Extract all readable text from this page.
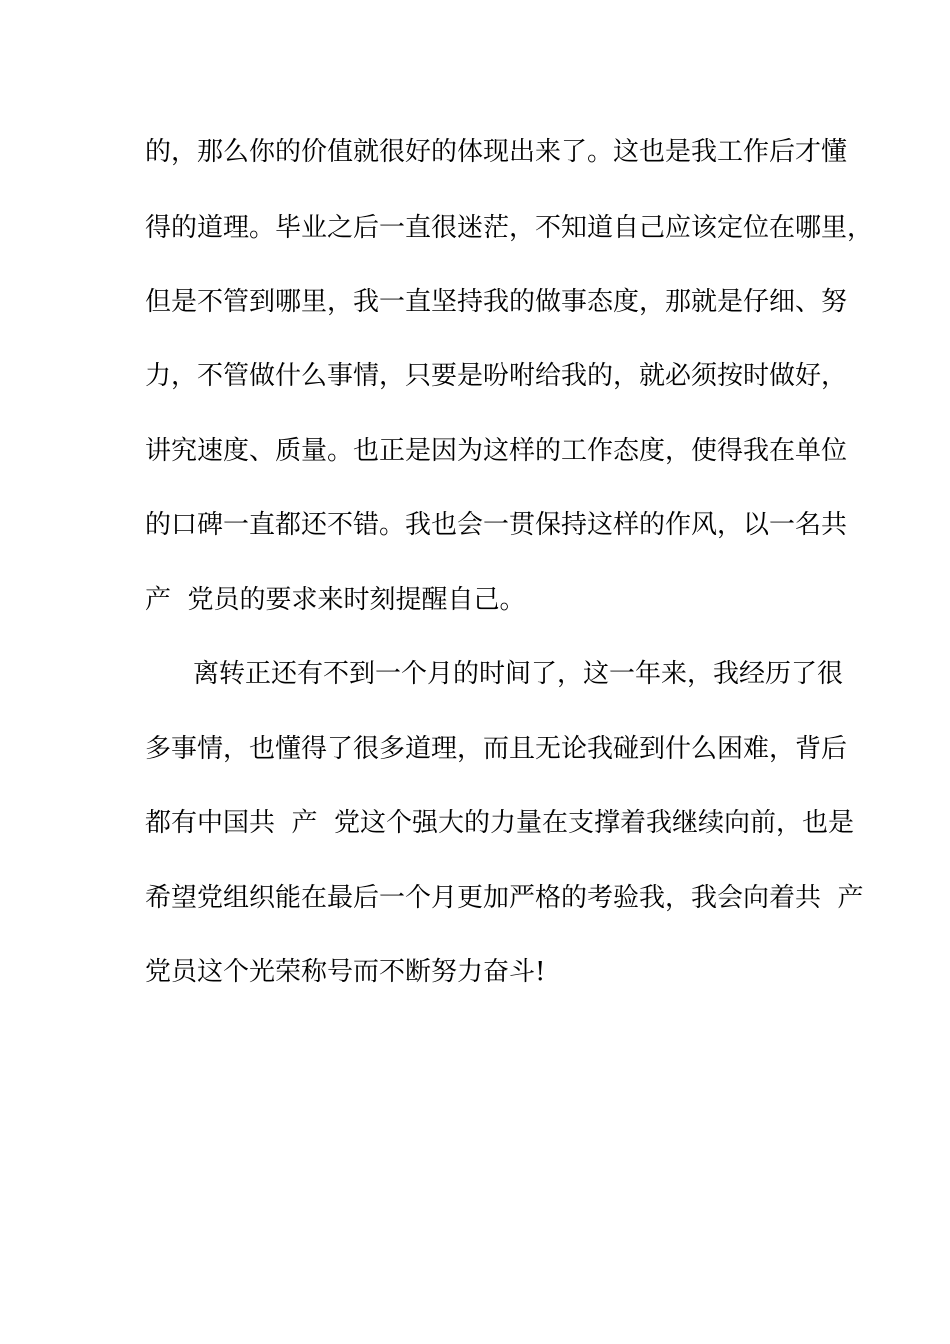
的，那么你的价值就很好的体现出来了。这也是我工作后才懂
得的道理。毕业之后一直很迷茫，不知道自己应该定位在哪里，
但是不管到哪里，我一直坚持我的做事态度，那就是仔细、努
力，不管做什么事情，只要是吩咐给我的，就必须按时做好，
讲究速度、质量。也正是因为这样的工作态度，使得我在单位
的口碑一直都还不错。我也会一贯保持这样的作风，以一名共
产  党员的要求来时刻提醒自己。
离转正还有不到一个月的时间了，这一年来，我经历了很
多事情，也懂得了很多道理，而且无论我碰到什么困难，背后
都有中国共  产  党这个强大的力量在支撑着我继续向前，也是
希望党组织能在最后一个月更加严格的考验我，我会向着共  产
党员这个光荣称号而不断努力奋斗!
